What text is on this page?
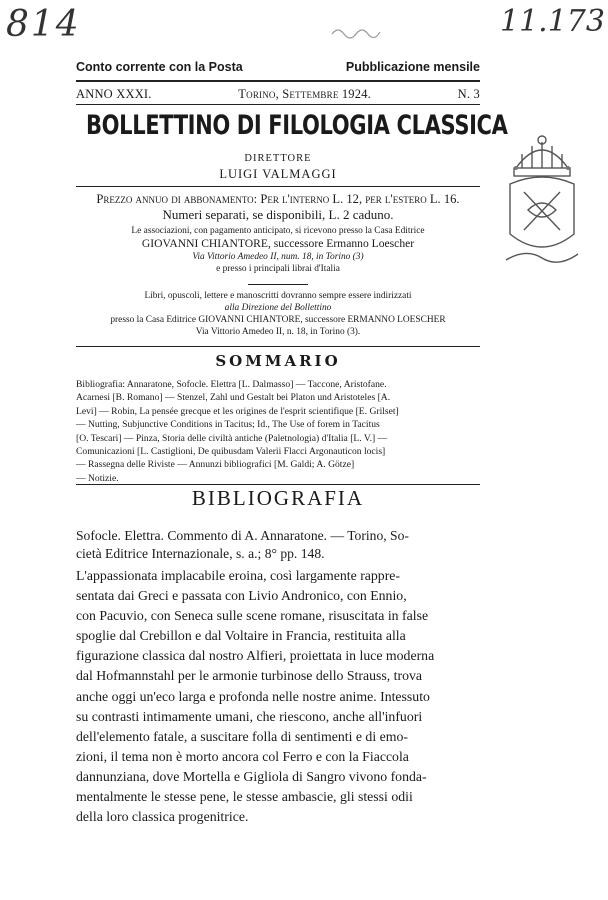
814	11.173
Conto corrente con la Posta	Pubblicazione mensile
ANNO XXXI.	Torino, Settembre 1924.	N. 3
BOLLETTINO DI FILOLOGIA CLASSICA
DIRETTORE
LUIGI VALMAGGI
Prezzo annuo di abbonamento: Per l'interno L. 12, per l'estero L. 16.
Numeri separati, se disponibili, L. 2 caduno.
Le associazioni, con pagamento anticipato, si ricevono presso la Casa Editrice
GIOVANNI CHIANTORE, successore Ermanno Loescher
Via Vittorio Amedeo II, num. 18, in Torino (3)
e presso i principali librai d'Italia
Libri, opuscoli, lettere e manoscritti dovranno sempre essere indirizzati
alla Direzione del Bollettino
presso la Casa Editrice GIOVANNI CHIANTORE, successore ERMANNO LOESCHER
Via Vittorio Amedeo II, n. 18, in Torino (3).
SOMMARIO
Bibliografia: Annaratone, Sofocle. Elettra [L. Dalmasso] — Taccone, Aristofane.
Acarnesi [B. Romano] — Stenzel, Zahl und Gestalt bei Platon und Aristoteles [A.
Levi] — Robin, La pensée grecque et les origines de l'esprit scientifique [E. Grilset]
— Nutting, Subjunctive Conditions in Tacitus; Id., The Use of forem in Tacitus
[O. Tescari] — Pinza, Storia delle civiltà antiche (Paletnologia) d'Italia [L. V.] —
Comunicazioni [L. Castiglioni, De quibusdam Valerii Flacci Argonauticon locis]
— Rassegna delle Riviste — Annunzi bibliografici [M. Galdi; A. Götze]
— Notizie.
BIBLIOGRAFIA
Sofocle. Elettra. Commento di A. Annaratone. — Torino, So-
cietà Editrice Internazionale, s. a.; 8° pp. 148.
L'appassionata implacabile eroina, così largamente rappre-
sentata dai Greci e passata con Livio Andronico, con Ennio,
con Pacuvio, con Seneca sulle scene romane, risuscitata in false
spoglie dal Crebillon e dal Voltaire in Francia, restituita alla
figurazione classica dal nostro Alfieri, proiettata in luce moderna
dal Hofmannstahl per le armonie turbinose dello Strauss, trova
anche oggi un'eco larga e profonda nelle nostre anime. Intessuto
su contrasti intimamente umani, che riescono, anche all'infuori
dell'elemento fatale, a suscitare folla di sentimenti e di emo-
zioni, il tema non è morto ancora col Ferro e con la Fiaccola
dannunziana, dove Mortella e Gigliola di Sangro vivono fonda-
mentalmente le stesse pene, le stesse ambascie, gli stessi odii
della loro classica progenitrice.
